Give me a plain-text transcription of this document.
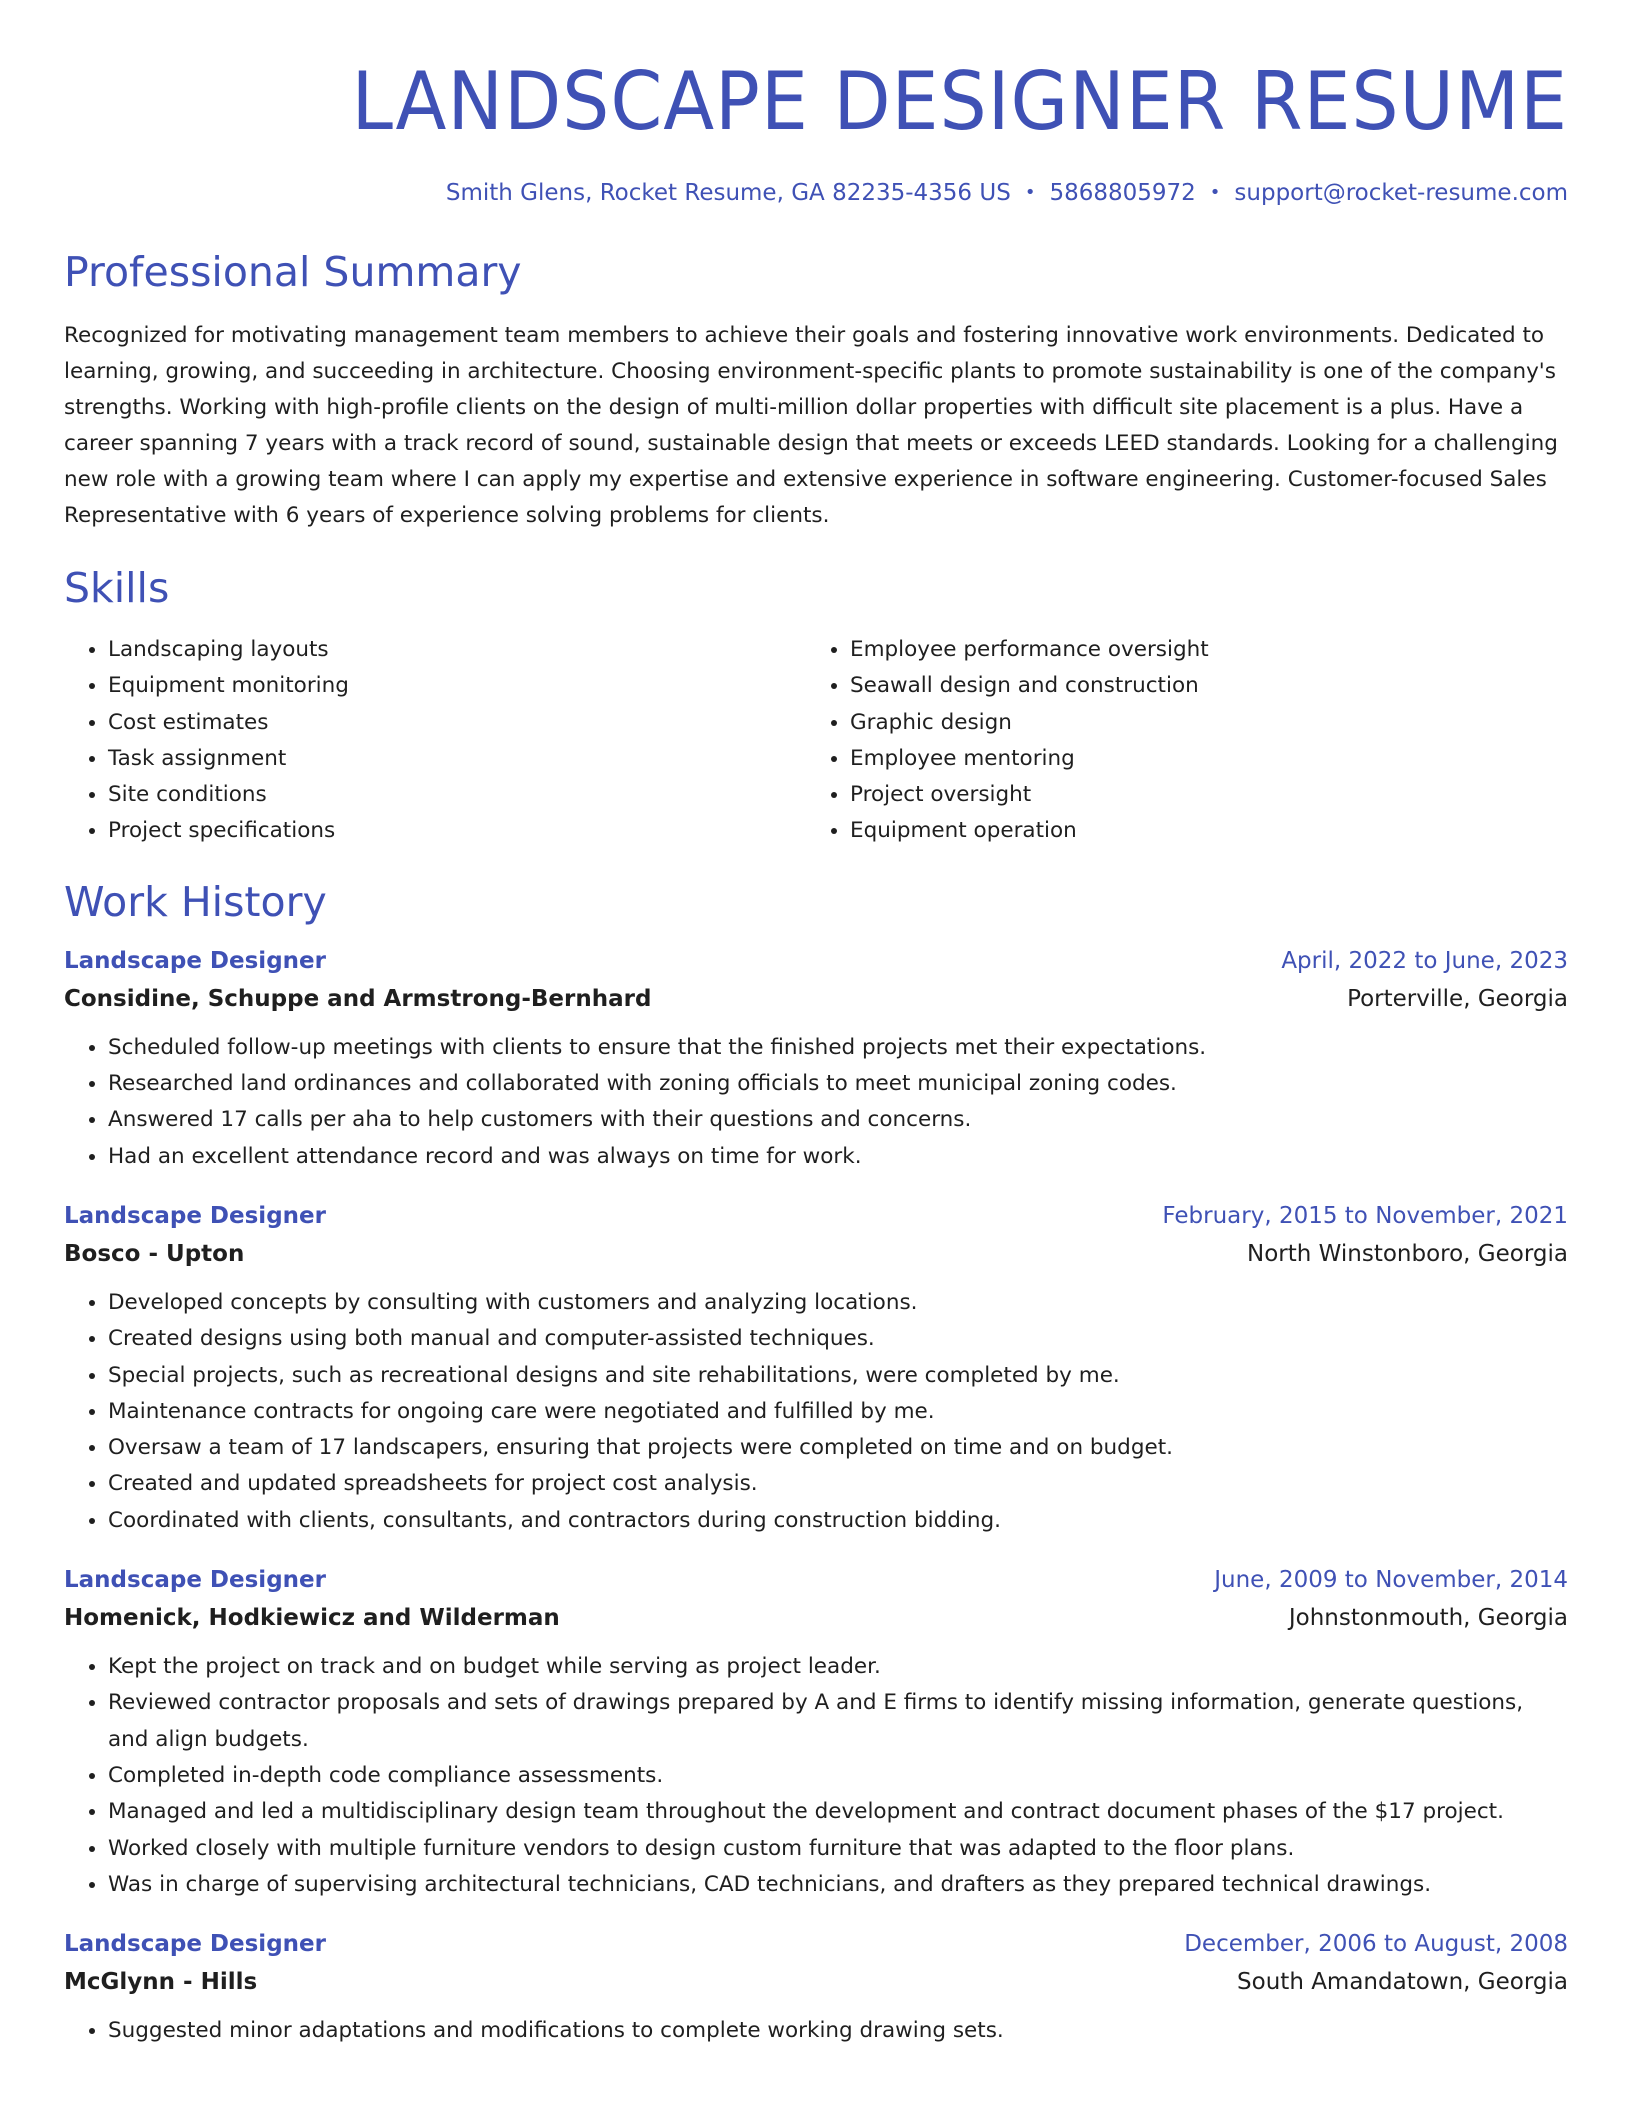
LANDSCAPE DESIGNER RESUME
Smith Glens, Rocket Resume, GA 82235-4356 US • 5868805972 • support@rocket-resume.com
Professional Summary
Recognized for motivating management team members to achieve their goals and fostering innovative work environments. Dedicated to learning, growing, and succeeding in architecture. Choosing environment-specific plants to promote sustainability is one of the company's strengths. Working with high-profile clients on the design of multi-million dollar properties with difficult site placement is a plus. Have a career spanning 7 years with a track record of sound, sustainable design that meets or exceeds LEED standards. Looking for a challenging new role with a growing team where I can apply my expertise and extensive experience in software engineering. Customer-focused Sales Representative with 6 years of experience solving problems for clients.
Skills
• Landscaping layouts
• Equipment monitoring
• Cost estimates
• Task assignment
• Site conditions
• Project specifications
• Employee performance oversight
• Seawall design and construction
• Graphic design
• Employee mentoring
• Project oversight
• Equipment operation
Work History
Landscape Designer	April, 2022 to June, 2023
Considine, Schuppe and Armstrong-Bernhard	Porterville, Georgia
• Scheduled follow-up meetings with clients to ensure that the finished projects met their expectations.
• Researched land ordinances and collaborated with zoning officials to meet municipal zoning codes.
• Answered 17 calls per aha to help customers with their questions and concerns.
• Had an excellent attendance record and was always on time for work.
Landscape Designer	February, 2015 to November, 2021
Bosco - Upton	North Winstonboro, Georgia
• Developed concepts by consulting with customers and analyzing locations.
• Created designs using both manual and computer-assisted techniques.
• Special projects, such as recreational designs and site rehabilitations, were completed by me.
• Maintenance contracts for ongoing care were negotiated and fulfilled by me.
• Oversaw a team of 17 landscapers, ensuring that projects were completed on time and on budget.
• Created and updated spreadsheets for project cost analysis.
• Coordinated with clients, consultants, and contractors during construction bidding.
Landscape Designer	June, 2009 to November, 2014
Homenick, Hodkiewicz and Wilderman	Johnstonmouth, Georgia
• Kept the project on track and on budget while serving as project leader.
• Reviewed contractor proposals and sets of drawings prepared by A and E firms to identify missing information, generate questions, and align budgets.
• Completed in-depth code compliance assessments.
• Managed and led a multidisciplinary design team throughout the development and contract document phases of the $17 project.
• Worked closely with multiple furniture vendors to design custom furniture that was adapted to the floor plans.
• Was in charge of supervising architectural technicians, CAD technicians, and drafters as they prepared technical drawings.
Landscape Designer	December, 2006 to August, 2008
McGlynn - Hills	South Amandatown, Georgia
• Suggested minor adaptations and modifications to complete working drawing sets.
